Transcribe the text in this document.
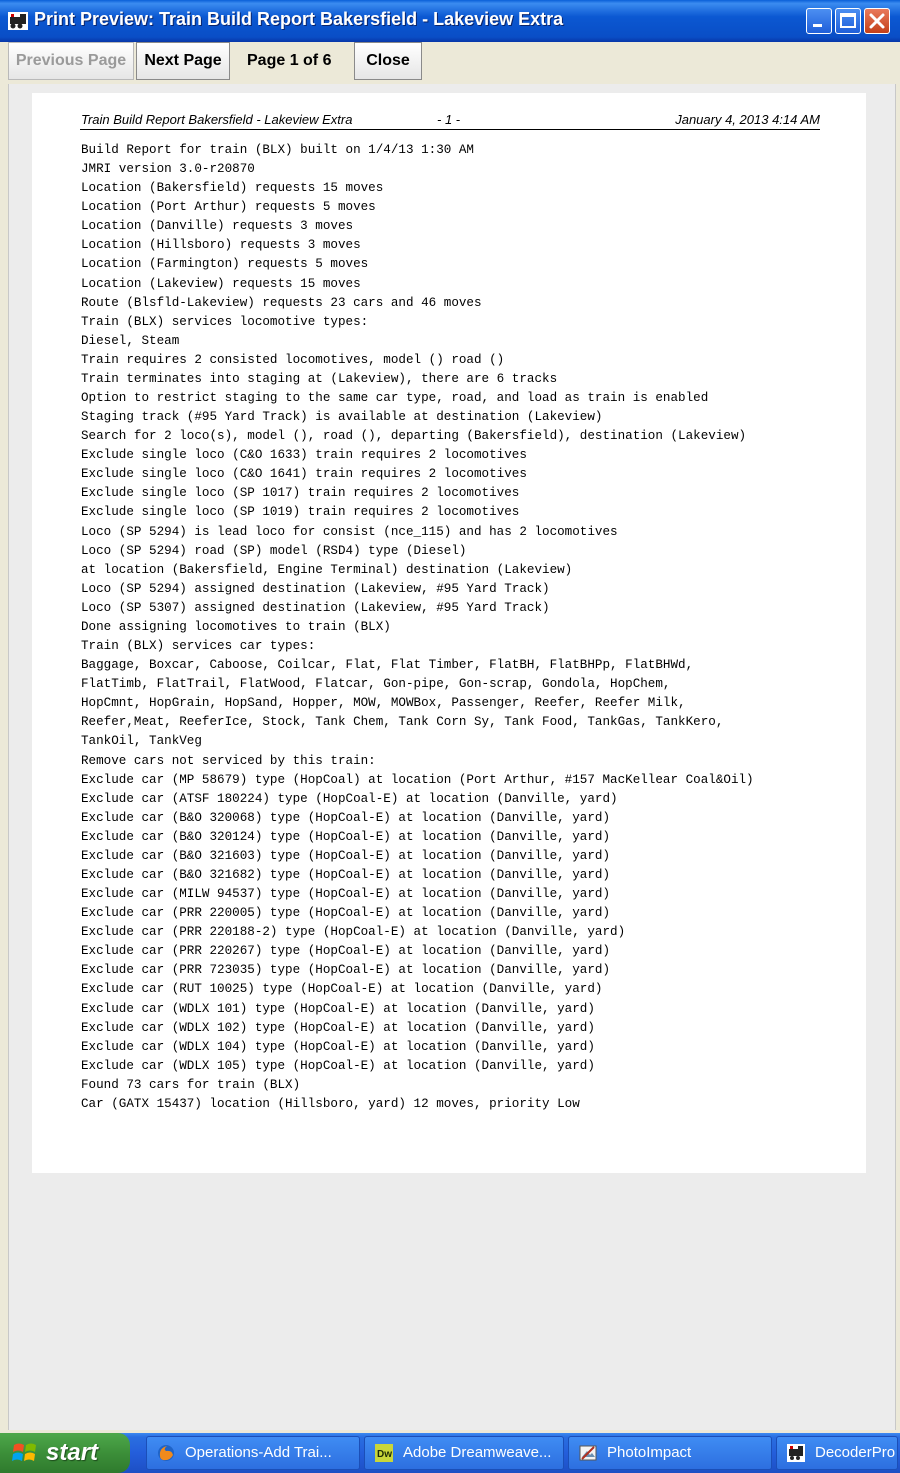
Print Preview: Train Build Report Bakersfield - Lakeview Extra
Previous Page	Next Page	Page 1 of 6	Close
Train Build Report Bakersfield - Lakeview Extra	- 1 -	January 4, 2013 4:14 AM
Build Report for train (BLX) built on 1/4/13 1:30 AM
JMRI version 3.0-r20870
Location (Bakersfield) requests 15 moves
Location (Port Arthur) requests 5 moves
Location (Danville) requests 3 moves
Location (Hillsboro) requests 3 moves
Location (Farmington) requests 5 moves
Location (Lakeview) requests 15 moves
Route (Blsfld-Lakeview) requests 23 cars and 46 moves
Train (BLX) services locomotive types:
Diesel, Steam
Train requires 2 consisted locomotives, model () road ()
Train terminates into staging at (Lakeview), there are 6 tracks
Option to restrict staging to the same car type, road, and load as train is enabled
Staging track (#95 Yard Track) is available at destination (Lakeview)
Search for 2 loco(s), model (), road (), departing (Bakersfield), destination (Lakeview)
Exclude single loco (C&O 1633) train requires 2 locomotives
Exclude single loco (C&O 1641) train requires 2 locomotives
Exclude single loco (SP 1017) train requires 2 locomotives
Exclude single loco (SP 1019) train requires 2 locomotives
Loco (SP 5294) is lead loco for consist (nce_115) and has 2 locomotives
Loco (SP 5294) road (SP) model (RSD4) type (Diesel)
at location (Bakersfield, Engine Terminal) destination (Lakeview)
Loco (SP 5294) assigned destination (Lakeview, #95 Yard Track)
Loco (SP 5307) assigned destination (Lakeview, #95 Yard Track)
Done assigning locomotives to train (BLX)
Train (BLX) services car types:
Baggage, Boxcar, Caboose, Coilcar, Flat, Flat Timber, FlatBH, FlatBHPp, FlatBHWd,
FlatTimb, FlatTrail, FlatWood, Flatcar, Gon-pipe, Gon-scrap, Gondola, HopChem,
HopCmnt, HopGrain, HopSand, Hopper, MOW, MOWBox, Passenger, Reefer, Reefer Milk,
Reefer,Meat, ReeferIce, Stock, Tank Chem, Tank Corn Sy, Tank Food, TankGas, TankKero,
TankOil, TankVeg
Remove cars not serviced by this train:
Exclude car (MP 58679) type (HopCoal) at location (Port Arthur, #157 MacKellear Coal&Oil)
Exclude car (ATSF 180224) type (HopCoal-E) at location (Danville, yard)
Exclude car (B&O 320068) type (HopCoal-E) at location (Danville, yard)
Exclude car (B&O 320124) type (HopCoal-E) at location (Danville, yard)
Exclude car (B&O 321603) type (HopCoal-E) at location (Danville, yard)
Exclude car (B&O 321682) type (HopCoal-E) at location (Danville, yard)
Exclude car (MILW 94537) type (HopCoal-E) at location (Danville, yard)
Exclude car (PRR 220005) type (HopCoal-E) at location (Danville, yard)
Exclude car (PRR 220188-2) type (HopCoal-E) at location (Danville, yard)
Exclude car (PRR 220267) type (HopCoal-E) at location (Danville, yard)
Exclude car (PRR 723035) type (HopCoal-E) at location (Danville, yard)
Exclude car (RUT 10025) type (HopCoal-E) at location (Danville, yard)
Exclude car (WDLX 101) type (HopCoal-E) at location (Danville, yard)
Exclude car (WDLX 102) type (HopCoal-E) at location (Danville, yard)
Exclude car (WDLX 104) type (HopCoal-E) at location (Danville, yard)
Exclude car (WDLX 105) type (HopCoal-E) at location (Danville, yard)
Found 73 cars for train (BLX)
Car (GATX 15437) location (Hillsboro, yard) 12 moves, priority Low
start	Operations-Add Trai...	Dw Adobe Dreamweave...	PhotoImpact	DecoderPro
